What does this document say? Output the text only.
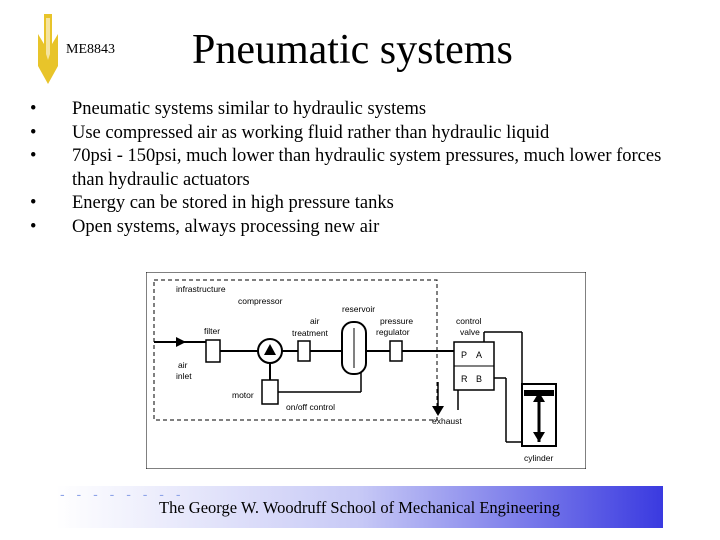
ME8843 Pneumatic systems
•	Pneumatic systems similar to hydraulic systems
•	Use compressed air as working fluid rather than hydraulic liquid
•	70psi - 150psi, much lower than hydraulic system pressures, much lower forces than hydraulic actuators
•	Energy can be stored in high pressure tanks
•	Open systems, always processing new air
infrastructure
compressor
reservoir
air
treatment
pressure
regulator
control
valve
filter
air
inlet
motor
on/off control
exhaust
cylinder
P A
R B
- - - - - - - -
The George W. Woodruff School of Mechanical Engineering
